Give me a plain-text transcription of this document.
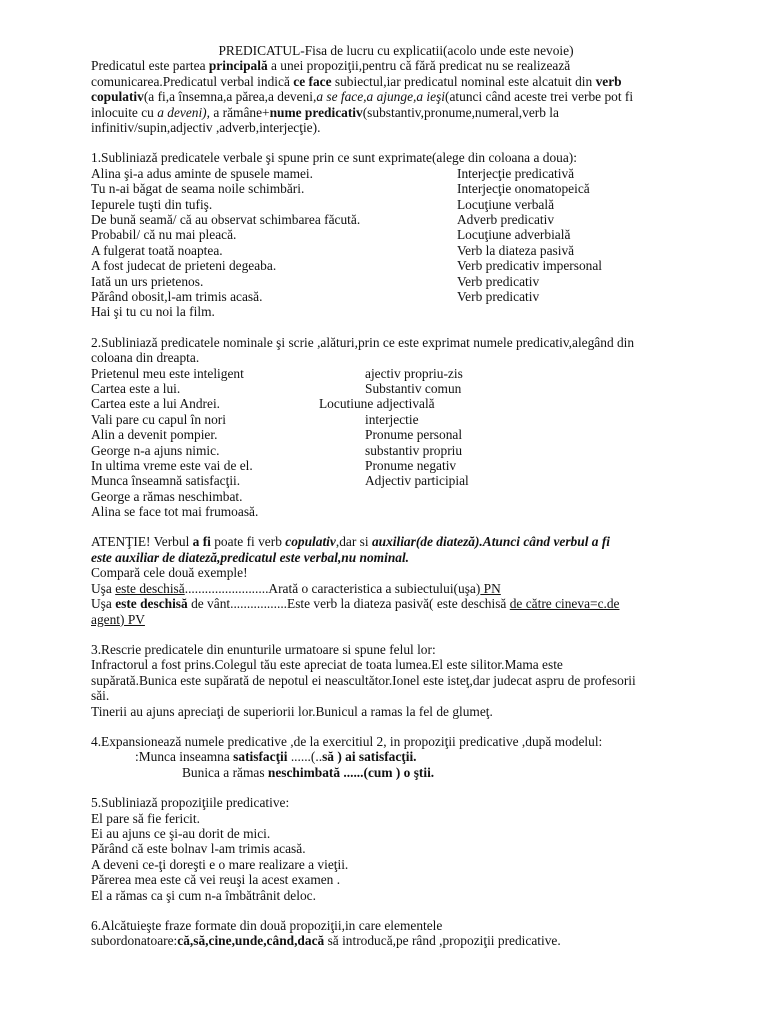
PREDICATUL-Fisa de lucru cu explicatii(acolo unde este nevoie)
Predicatul este partea principală a unei propoziţii,pentru că fără predicat nu se realizează
comunicarea.Predicatul verbal indică ce face subiectul,iar predicatul nominal este alcatuit din verb
copulativ(a fi,a însemna,a părea,a deveni,a se face,a ajunge,a ieşi(atunci când aceste trei verbe pot fi
inlocuite cu a deveni), a rămâne+nume predicativ(substantiv,pronume,numeral,verb la
infinitiv/supin,adjectiv ,adverb,interjecţie).
1.Subliniază predicatele verbale şi spune prin ce sunt exprimate(alege din coloana a doua):
Alina şi-a adus aminte de spusele mamei.	Interjecţie predicativă
Tu n-ai băgat de seama noile schimbări.	Interjecţie onomatopeică
Iepurele tuşti din tufiş.	Locuţiune verbală
De bună seamă/ că au observat schimbarea făcută.	Adverb predicativ
Probabil/ că nu mai pleacă.	Locuţiune adverbială
A fulgerat toată noaptea.	Verb la diateza pasivă
A fost judecat de prieteni degeaba.	Verb predicativ impersonal
Iată un urs prietenos.	Verb predicativ
Părând obosit,l-am trimis acasă.	Verb predicativ
Hai şi tu cu noi la film.
2.Subliniază predicatele nominale şi scrie ,alături,prin ce este exprimat numele predicativ,alegând din
coloana din dreapta.
Prietenul meu este inteligent	ajectiv propriu-zis
Cartea este a lui.	Substantiv comun
Cartea este a lui Andrei.	Locutiune adjectivală
Vali pare cu capul în nori	interjectie
Alin a devenit pompier.	Pronume personal
George n-a ajuns nimic.	substantiv propriu
In ultima vreme este vai de el.	Pronume negativ
Munca înseamnă satisfacţii.	Adjectiv participial
George a rămas neschimbat.
Alina se face tot mai frumoasă.
ATENŢIE! Verbul a fi poate fi verb copulativ,dar si auxiliar(de diateză).Atunci când verbul a fi
este auxiliar de diateză,predicatul este verbal,nu nominal.
Compară cele două exemple!
Uşa este deschisă.........................Arată o caracteristica a subiectului(uşa) PN
Uşa este deschisă de vânt.................Este verb la diateza pasivă( este deschisă de către cineva=c.de
agent) PV
3.Rescrie predicatele din enunturile urmatoare si spune felul lor:
Infractorul a fost prins.Colegul tău este apreciat de toata lumea.El este silitor.Mama este
supărată.Bunica este supărată de nepotul ei neascultător.Ionel este isteţ,dar judecat aspru de profesorii
săi.
Tinerii au ajuns apreciaţi de superiorii lor.Bunicul a ramas la fel de glumeţ.
4.Expansionează numele predicative ,de la exercitiul 2, in propoziţii predicative ,după modelul:
:Munca inseamna satisfacţii ......(..să ) ai satisfacţii.
Bunica a rămas neschimbată ......(cum ) o ştii.
5.Subliniază propoziţiile predicative:
El pare să fie fericit.
Ei au ajuns ce şi-au dorit de mici.
Părând că este bolnav l-am trimis acasă.
A deveni ce-ţi doreşti e o mare realizare a vieţii.
Părerea mea este că vei reuşi la acest examen .
El a rămas ca şi cum n-a îmbătrânit deloc.
6.Alcătuieşte fraze formate din două propoziţii,in care elementele
subordonatoare:că,să,cine,unde,când,dacă să introducă,pe rând ,propoziţii predicative.
